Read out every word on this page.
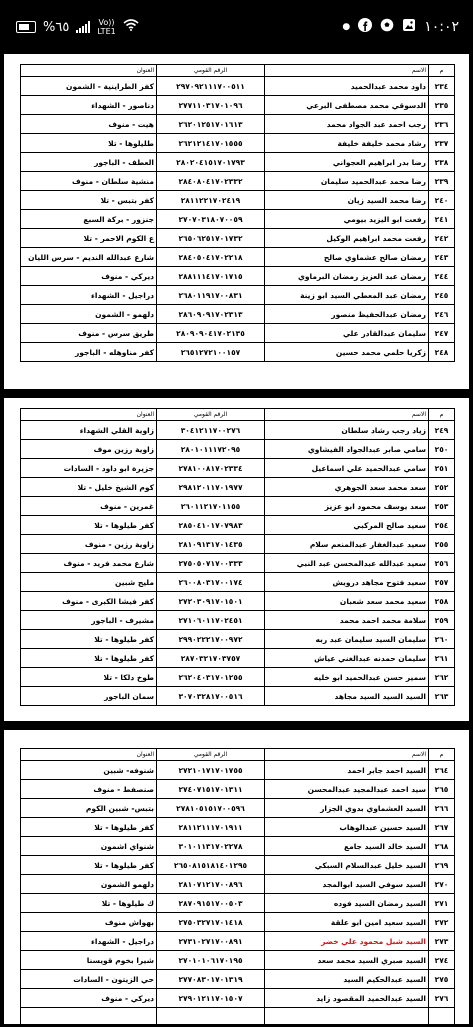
%٦٥	Vo))
LTE1	●	١٠:٠٢
م	الاسم	الرقم القومي	العنوان
٢٣٤	داود محمد عبدالحميد	٢٩٧٠٩٢١١١٧٠٠٥١١	كفر الطراينية - الشمون
٢٣٥	الدسوقي محمد مصطفى البرعي	٢٧٧١١٠٣١٧٠١٠٩٦	دناصور - الشهداء
٢٣٦	رجب احمد عبد الجواد محمد	٢٦٢٠١٢٥١٧٠١٦١٣	هيت - منوف
٢٣٧	رشاد محمد خليفة خليفة	٢٦٢١٢١٤١٧٠١٥٥٥	طليلوها - تلا
٢٣٨	رضا بدر ابراهيم العجواني	٢٨٠٢٠٤١٥١٧٠١٧٩٣	العطف - الباجور
٢٣٩	رضا محمد عبدالحميد سليمان	٢٨٤٠٨٠٤١٧٠٢٣٣٢	منشية سلطان - منوف
٢٤٠	رضا محمد السيد زيان	٢٨١١٢٢١٧٠٢٤١٩	كفر بتبس - تلا
٢٤١	رفعت ابو اليزيد بيومي	٢٧٠٧٠٣١٨٠٧٠٠٥٩	جنزور - بركة السبع
٢٤٢	رفعت محمد ابراهيم الوكيل	٢٦٥٠٦٢٥١٧٠١٧٣٢	ع الكوم الاحمر - تلا
٢٤٣	رمضان صالح عشماوي صالح	٢٨٤٠٥٠٤١٧٠٢٢١٨	شارع عبدالله النديم - سرس الليان
٢٤٤	رمضان عبد العزيز رمضان البرماوي	٢٨٨١١١٤١٧٠١٧١٥	ديركي - منوف
٢٤٥	رمضان عبد المعطي السيد ابو زينة	٢٦٨٠١١٩١٧٠٠٨٣١	دراجيل - الشهداء
٢٤٦	رمضان عبدالحفيظ منصور	٢٨٦٠٩٠٩١٧٠٢٣١٣	دلهمو - الشمون
٢٤٧	سليمان عبدالقادر علي	٢٨٠٩٠٩٠٤١٧٠٢١٣٥	طريق سرس - منوف
٢٤٨	زكريا حلمي محمد حسين	٢٦٥١٢٧٢١٠٠١٥٧	كفر مناوهله - الباجور
م	الاسم	الرقم القومي	العنوان
٢٤٩	زياد رجب رشاد سلطان	٣٠٤١٢١١٧٠٠٢٧٦	زاوية القلي الشهداء
٢٥٠	سامي صابر عبدالجواد الفيشاوي	٢٨٠١٠١١١٧٢٠٩٥	زاوية رزين موف
٢٥١	سامي عبدالحميد علي اسماعيل	٢٧٨١٠٠٨١٧٠٢٣٣٤	جزيرة ابو داود - السادات
٢٥٢	سعد محمد سعد الجوهري	٢٩٨١٢٠١١٧٠١٩٧٧	كوم الشيخ خليل - تلا
٢٥٣	سعد يوسف محمود ابو عزيز	٢٦٠١١٢١٧٠١١٥٥	غمرين - منوف
٢٥٤	سعيد صالح المركبي	٢٨٥٠٤١٠١٧٠٧٩٨٣	كفر طيلوها - تلا
٢٥٥	سعيد عبدالغفار عبدالمنعم سلام	٢٨١٠٩١٣١٧٠١٤٣٥	زاوية رزين - منوف
٢٥٦	سعيد عبدالله عبدالمحسن عبد النبي	٢٧٥٠٥٠٧١٧٠٠٣٣٣	شارع محمد فريد - منوف
٢٥٧	سعيد فتوح مجاهد درويش	٢٦٠٠٨٠٣١٧٠٠١٧٤	مليج شبين
٢٥٨	سعيد محمد سعد شعبان	٢٧٢٠٣٠٩١٧٠١٥٠١	كفر فيشا الكبرى - منوف
٢٥٩	سلامة محمد احمد محمد	٢٧١٠٦٠١١٧٠٢٤٥١	مشيرف - الباجور
٢٦٠	سليمان السيد سليمان عبد ربه	٢٩٩٠٢٢٢١٧٠٠٩٧٢	كفر طيلوها - تلا
٢٦١	سليمان حمدنه عبدالغني عياش	٢٨٧٠٣٢١٧٠٣٧٥٧	كفر طيلوها - تلا
٢٦٢	سمير حسن عبدالحميد ابو خليه	٢٦٢٠٤٠٣١٧٠١٢٥٥	طوخ دلكا - تلا
٢٦٣	السيد السيد السيد مجاهد	٣٠٧٠٣٢٨١٧٠٠٥١٦	سمان الباجور
م	الاسم	الرقم القومي	العنوان
٢٦٤	السيد احمد جابر احمد	٢٧٢١٠١٧١٧٠١٧٥٥	شنوفه- شبين
٢٦٥	سيد احمد عبدالمجيد عبدالمحسن	٢٧٤٠٧١٥١٧٠١٣١١	صنصفط - منوف
٢٦٦	السيد العشماوي بدوي الجزار	٢٧٨١٠٥١٥١٧٠٠٥٩٦	بتبس- شبين الكوم
٢٦٧	السيد حسين عبدالوهاب	٢٨١١٢١١١٧٠١٩١١	كفر طيلوها - تلا
٢٦٨	السيد خالد السيد جامع	٣٠١٠١١٣١٧٠٢٢٧٨	شنواي اشمون
٢٦٩	السيد خليل عبدالسلام السبكي	٢٦٥٠٨١٥١٨١٤٠١٢٩٥	كفر طيلوها - تلا
٢٧٠	السيد سوفي السيد ابوالمجد	٢٨١٠٧١٢١٧٠٠٨٩٦	دلهمو الشمون
٢٧١	السيد رمضان السيد فوده	٢٨٧٠٩١٥١٧٠٠٥٠٣	ك طيلوها - تلا
٢٧٢	السيد سعيد امين ابو علقة	٢٧٥٠٣٢٧١٧٠١٤١٨	بهواش منوف
٢٧٣	السيد شبل محمود علي خضر	٢٧٣١٠٢٧١٧٠٠٨٩١	دراجيل - الشهداء
٢٧٤	السيد صبري السيد محمد سعد	٢٧٠١٠١٠٦١٧٠١٩٥	شيرا بخوم قويسنا
٢٧٥	السيد عبدالحكيم السيد	٢٧٧٠٨٣٠١٧٠١٣١٩	حي الزيتون - السادات
٢٧٦	السيد عبدالحميد المقصود زايد	٢٧٩٠١٢١١٧٠١٥٠٧	ديركي - منوف
